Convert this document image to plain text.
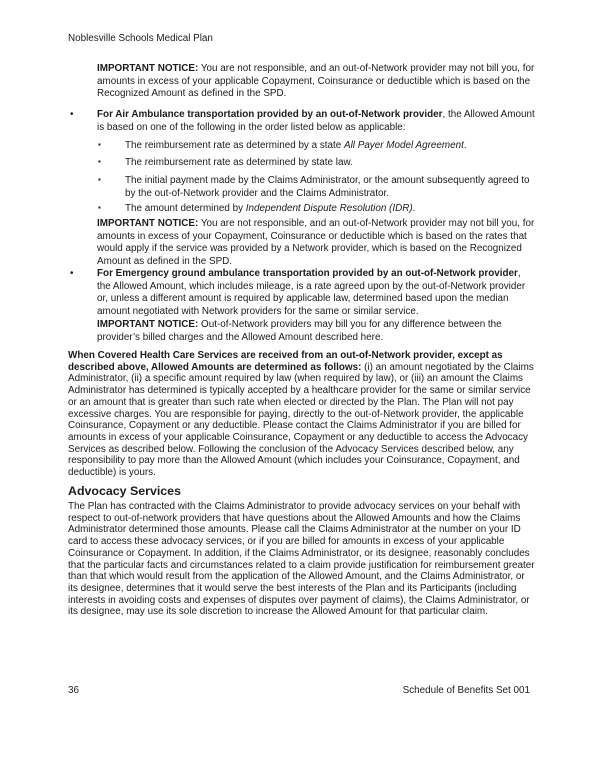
Noblesville Schools Medical Plan
IMPORTANT NOTICE: You are not responsible, and an out-of-Network provider may not bill you, for amounts in excess of your applicable Copayment, Coinsurance or deductible which is based on the Recognized Amount as defined in the SPD.
• For Air Ambulance transportation provided by an out-of-Network provider, the Allowed Amount is based on one of the following in the order listed below as applicable:
▪ The reimbursement rate as determined by a state All Payer Model Agreement.
▪ The reimbursement rate as determined by state law.
▪ The initial payment made by the Claims Administrator, or the amount subsequently agreed to by the out-of-Network provider and the Claims Administrator.
▪ The amount determined by Independent Dispute Resolution (IDR).
IMPORTANT NOTICE: You are not responsible, and an out-of-Network provider may not bill you, for amounts in excess of your Copayment, Coinsurance or deductible which is based on the rates that would apply if the service was provided by a Network provider, which is based on the Recognized Amount as defined in the SPD.
• For Emergency ground ambulance transportation provided by an out-of-Network provider, the Allowed Amount, which includes mileage, is a rate agreed upon by the out-of-Network provider or, unless a different amount is required by applicable law, determined based upon the median amount negotiated with Network providers for the same or similar service.
IMPORTANT NOTICE: Out-of-Network providers may bill you for any difference between the provider’s billed charges and the Allowed Amount described here.
When Covered Health Care Services are received from an out-of-Network provider, except as described above, Allowed Amounts are determined as follows: (i) an amount negotiated by the Claims Administrator, (ii) a specific amount required by law (when required by law), or (iii) an amount the Claims Administrator has determined is typically accepted by a healthcare provider for the same or similar service or an amount that is greater than such rate when elected or directed by the Plan. The Plan will not pay excessive charges. You are responsible for paying, directly to the out-of-Network provider, the applicable Coinsurance, Copayment or any deductible. Please contact the Claims Administrator if you are billed for amounts in excess of your applicable Coinsurance, Copayment or any deductible to access the Advocacy Services as described below. Following the conclusion of the Advocacy Services described below, any responsibility to pay more than the Allowed Amount (which includes your Coinsurance, Copayment, and deductible) is yours.
Advocacy Services
The Plan has contracted with the Claims Administrator to provide advocacy services on your behalf with respect to out-of-network providers that have questions about the Allowed Amounts and how the Claims Administrator determined those amounts. Please call the Claims Administrator at the number on your ID card to access these advocacy services, or if you are billed for amounts in excess of your applicable Coinsurance or Copayment. In addition, if the Claims Administrator, or its designee, reasonably concludes that the particular facts and circumstances related to a claim provide justification for reimbursement greater than that which would result from the application of the Allowed Amount, and the Claims Administrator, or its designee, determines that it would serve the best interests of the Plan and its Participants (including interests in avoiding costs and expenses of disputes over payment of claims), the Claims Administrator, or its designee, may use its sole discretion to increase the Allowed Amount for that particular claim.
36	Schedule of Benefits Set 001
